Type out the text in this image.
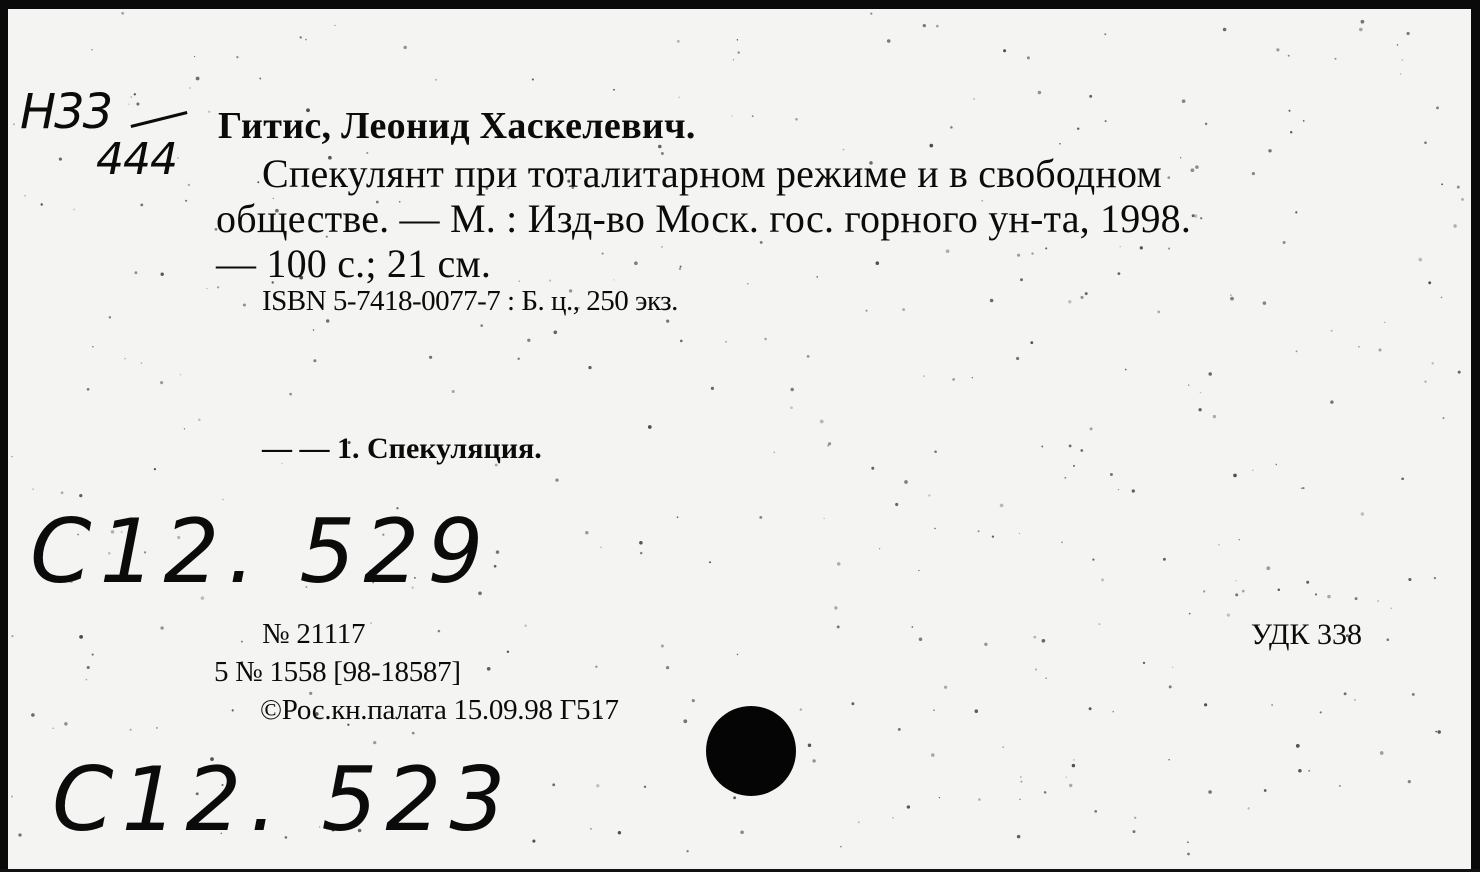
Н33

444

Гитис, Леонид Хаскелевич.

Спекулянт при тоталитарном режиме и в свободном

обществе. — М. : Изд-во Моск. гос. горного ун-та, 1998.

— 100 с.; 21 см.

ISBN 5-7418-0077-7 : Б. ц., 250 экз.

— — 1. Спекуляция.

С12. 529

№ 21117

5 № 1558 [98-18587]

©Рос.кн.палата 15.09.98 Г517

УДК 338

С12. 523
